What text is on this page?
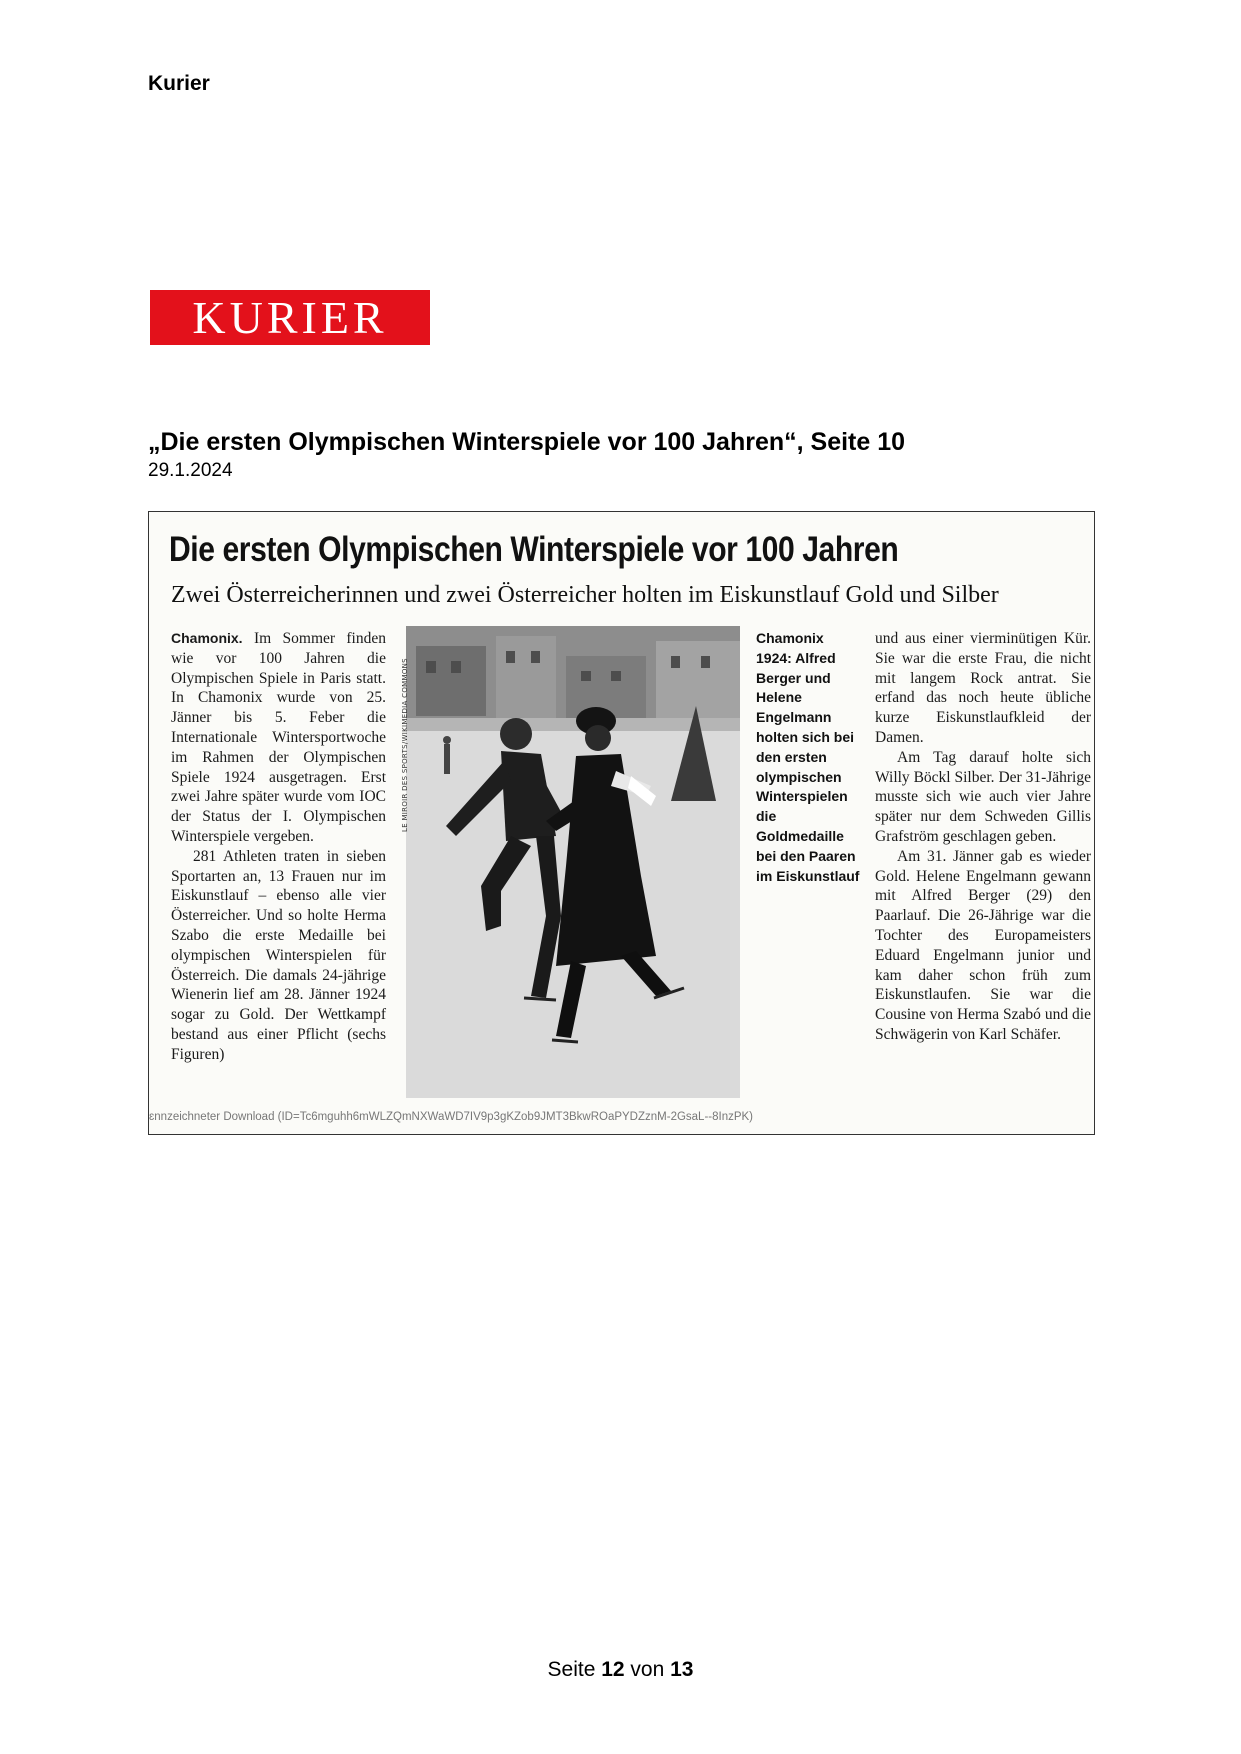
Kurier
KURIER
„Die ersten Olympischen Winterspiele vor 100 Jahren“, Seite 10
29.1.2024
Die ersten Olympischen Winterspiele vor 100 Jahren
Zwei Österreicherinnen und zwei Österreicher holten im Eiskunstlauf Gold und Silber

Chamonix. Im Sommer finden wie vor 100 Jahren die Olympischen Spiele in Paris statt. In Chamonix wurde von 25. Jänner bis 5. Feber die Internationale Wintersportwoche im Rahmen der Olympischen Spiele 1924 ausgetragen. Erst zwei Jahre später wurde vom IOC der Status der I. Olympischen Winterspiele vergeben.

281 Athleten traten in sieben Sportarten an, 13 Frauen nur im Eiskunstlauf – ebenso alle vier Österreicher. Und so holte Herma Szabo die erste Medaille bei olympischen Winterspielen für Österreich. Die damals 24-jährige Wienerin lief am 28. Jänner 1924 sogar zu Gold. Der Wettkampf bestand aus einer Pflicht (sechs Figuren)

LE MIROIR DES SPORTS/WIKIMEDIA COMMONS
Chamonix 1924: Alfred Berger und Helene Engelmann holten sich bei den ersten olympischen Winterspielen die Goldmedaille bei den Paaren im Eiskunstlauf

und aus einer vierminütigen Kür. Sie war die erste Frau, die nicht mit langem Rock antrat. Sie erfand das noch heute übliche kurze Eiskunstlaufkleid der Damen.

Am Tag darauf holte sich Willy Böckl Silber. Der 31-Jährige musste sich wie auch vier Jahre später nur dem Schweden Gillis Grafström geschlagen geben.

Am 31. Jänner gab es wieder Gold. Helene Engelmann gewann mit Alfred Berger (29) den Paarlauf. Die 26-Jährige war die Tochter des Europameisters Eduard Engelmann junior und kam daher schon früh zum Eiskunstlaufen. Sie war die Cousine von Herma Szabó und die Schwägerin von Karl Schäfer.

ɛnnzeichneter Download (ID=Tc6mguhh6mWLZQmNXWaWD7IV9p3gKZob9JMT3BkwROaPYDZznM-2GsaL--8InzPK)
Seite 12 von 13
